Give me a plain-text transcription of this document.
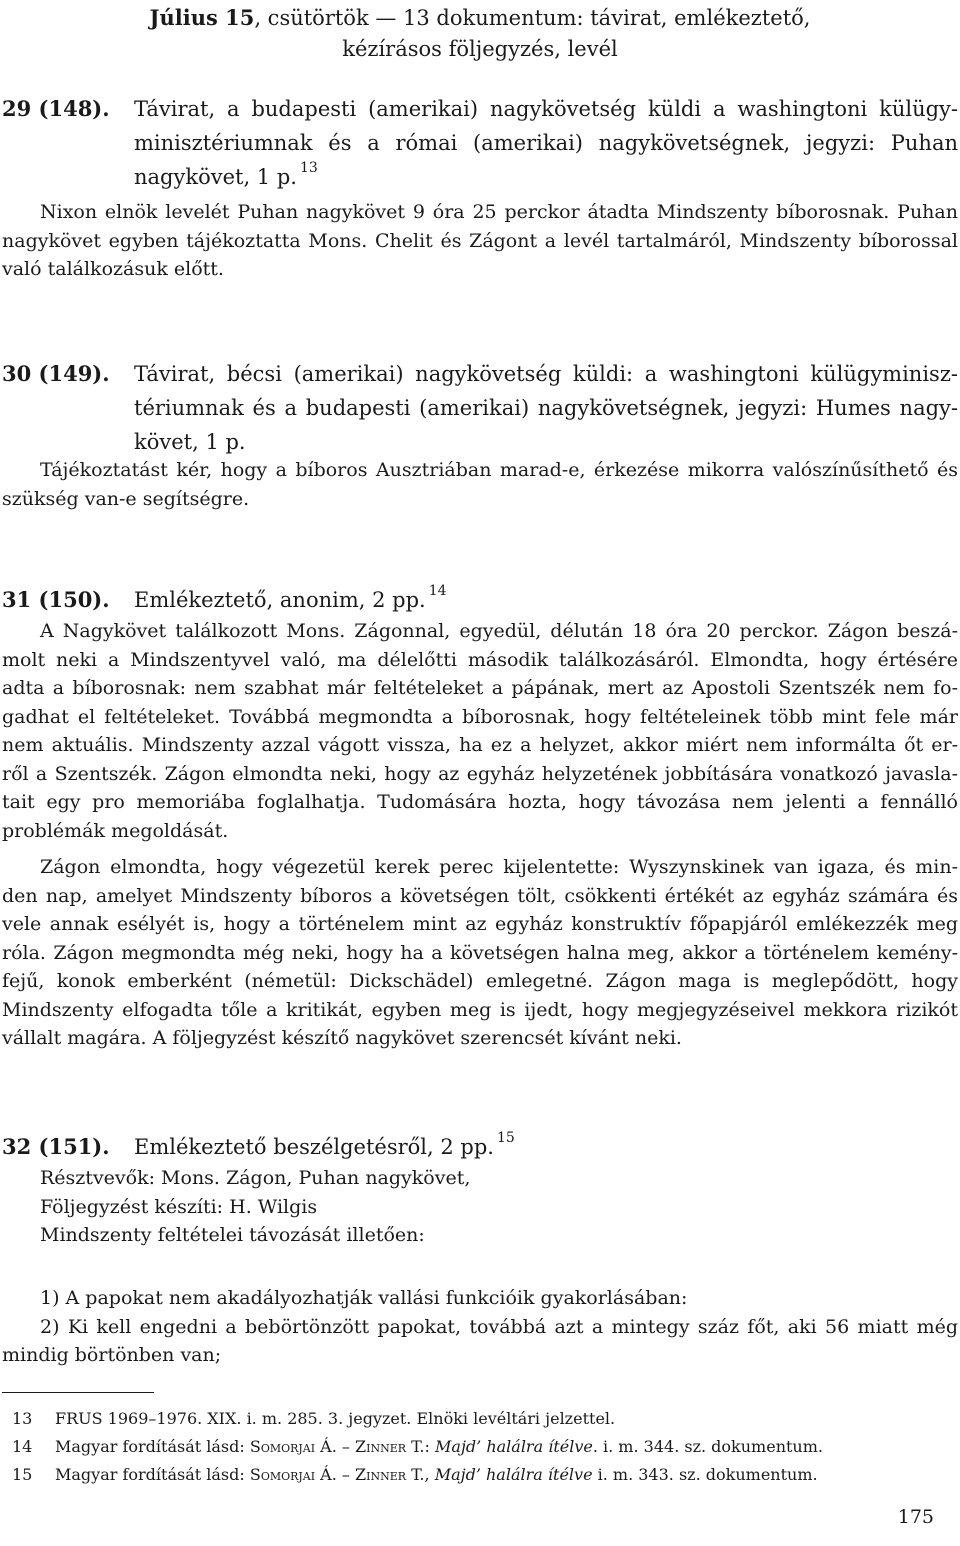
Július 15, csütörtök — 13 dokumentum: távirat, emlékeztető,
kézírásos följegyzés, levél
29 (148). Távirat, a budapesti (amerikai) nagykövetség küldi a washingtoni külügy-
minisztériumnak és a római (amerikai) nagykövetségnek, jegyzi: Puhan
nagykövet, 1 p. $^{13}$
Nixon elnök levelét Puhan nagykövet 9 óra 25 perckor átadta Mindszenty bíborosnak. Puhan
nagykövet egyben tájékoztatta Mons. Chelit és Zágont a levél tartalmáról, Mindszenty bíborossal
való találkozásuk előtt.
30 (149). Távirat, bécsi (amerikai) nagykövetség küldi: a washingtoni külügyminisz-
tériumnak és a budapesti (amerikai) nagykövetségnek, jegyzi: Humes nagy-
követ, 1 p.
Tájékoztatást kér, hogy a bíboros Ausztriában marad-e, érkezése mikorra valószínűsíthető és
szükség van-e segítségre.
31 (150). Emlékeztető, anonim, 2 pp. $^{14}$
A Nagykövet találkozott Mons. Zágonnal, egyedül, délután 18 óra 20 perckor. Zágon beszá-
molt neki a Mindszentyvel való, ma délelőtti második találkozásáról. Elmondta, hogy értésére
adta a bíborosnak: nem szabhat már feltételeket a pápának, mert az Apostoli Szentszék nem fo-
gadhat el feltételeket. Továbbá megmondta a bíborosnak, hogy feltételeinek több mint fele már
nem aktuális. Mindszenty azzal vágott vissza, ha ez a helyzet, akkor miért nem informálta őt er-
ről a Szentszék. Zágon elmondta neki, hogy az egyház helyzetének jobbítására vonatkozó javasla-
tait egy pro memoriába foglalhatja. Tudomására hozta, hogy távozása nem jelenti a fennálló
problémák megoldását.
Zágon elmondta, hogy végezetül kerek perec kijelentette: Wyszynskinek van igaza, és min-
den nap, amelyet Mindszenty bíboros a követségen tölt, csökkenti értékét az egyház számára és
vele annak esélyét is, hogy a történelem mint az egyház konstruktív főpapjáról emlékezzék meg
róla. Zágon megmondta még neki, hogy ha a követségen halna meg, akkor a történelem kemény-
fejű, konok emberként (németül: Dickschädel) emlegetné. Zágon maga is meglepődött, hogy
Mindszenty elfogadta tőle a kritikát, egyben meg is ijedt, hogy megjegyzéseivel mekkora rizikót
vállalt magára. A följegyzést készítő nagykövet szerencsét kívánt neki.
32 (151). Emlékeztető beszélgetésről, 2 pp. $^{15}$
Résztvevők: Mons. Zágon, Puhan nagykövet,
Följegyzést készíti: H. Wilgis
Mindszenty feltételei távozását illetően:
1) A papokat nem akadályozhatják vallási funkcióik gyakorlásában:
2) Ki kell engedni a bebörtönzött papokat, továbbá azt a mintegy száz főt, aki 56 miatt még
mindig börtönben van;
13 FRUS 1969–1976. XIX. i. m. 285. 3. jegyzet. Elnöki levéltári jelzettel.
14 Magyar fordítását lásd: Somorjai Á. – Zinner T.: Majd’ halálra ítélve. i. m. 344. sz. dokumentum.
15 Magyar fordítását lásd: Somorjai Á. – Zinner T., Majd’ halálra ítélve i. m. 343. sz. dokumentum.
175
